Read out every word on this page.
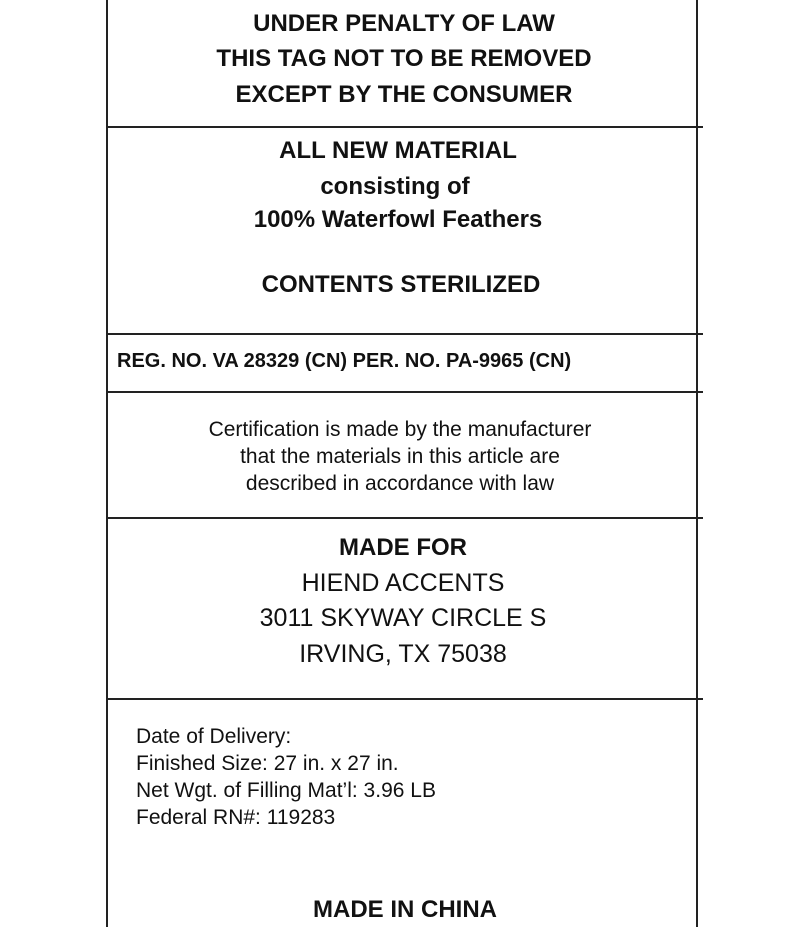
UNDER PENALTY OF LAW
THIS TAG NOT TO BE REMOVED
EXCEPT BY THE CONSUMER
ALL NEW MATERIAL
consisting of
100% Waterfowl Feathers
CONTENTS STERILIZED
REG. NO. VA 28329 (CN) PER. NO. PA-9965 (CN)
Certification is made by the manufacturer
that the materials in this article are
described in accordance with law
MADE FOR
HIEND ACCENTS
3011 SKYWAY CIRCLE S
IRVING, TX 75038
Date of Delivery:
Finished Size: 27 in. x 27 in.
Net Wgt. of Filling Mat’l: 3.96 LB
Federal RN#: 119283
MADE IN CHINA
